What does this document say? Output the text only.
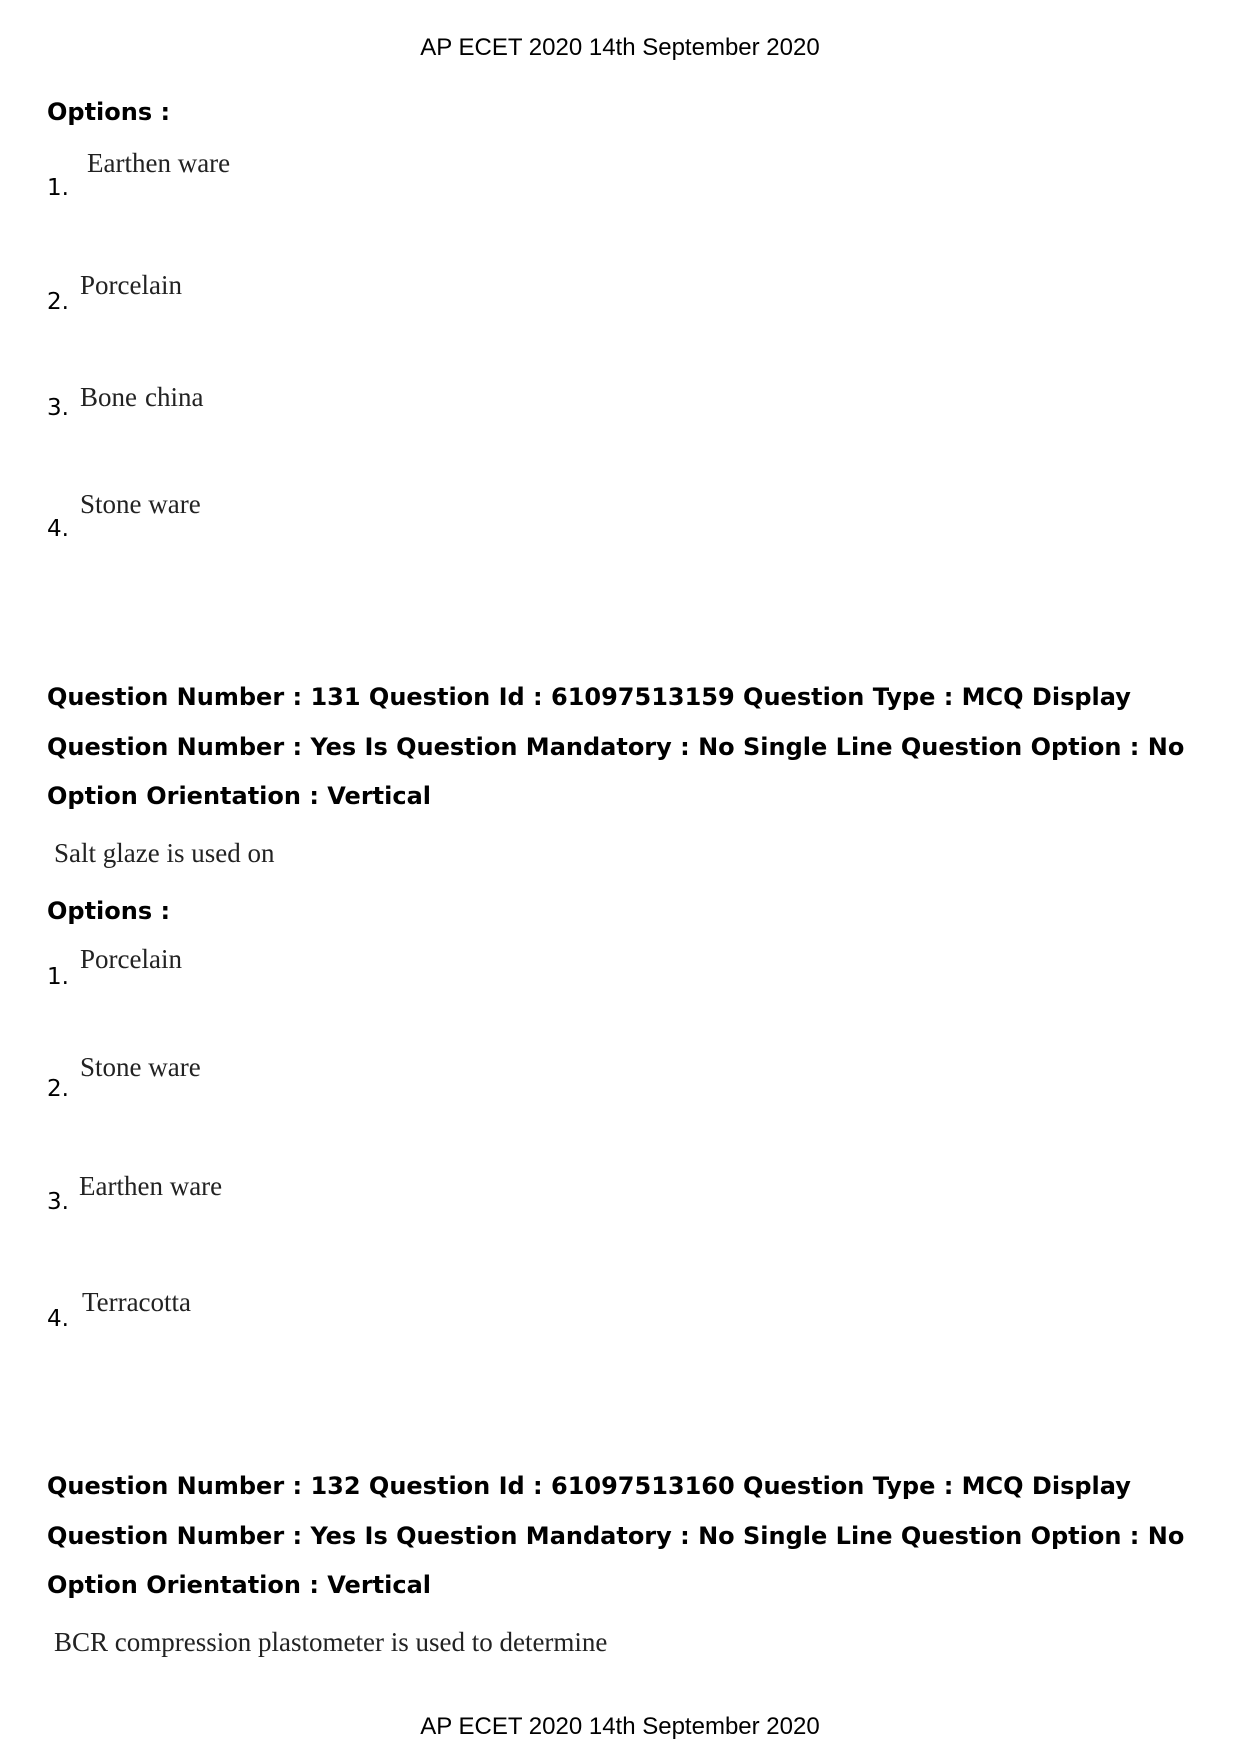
AP ECET 2020 14th September 2020
Options :
1.
Earthen ware
2.
Porcelain
3. Bone china
4.
Stone ware
Question Number : 131 Question Id : 61097513159 Question Type : MCQ Display Question Number : Yes Is Question Mandatory : No Single Line Question Option : No Option Orientation : Vertical
Salt glaze is used on
Options :
1.
Porcelain
2.
Stone ware
3.
Earthen ware
4.
Terracotta
Question Number : 132 Question Id : 61097513160 Question Type : MCQ Display Question Number : Yes Is Question Mandatory : No Single Line Question Option : No Option Orientation : Vertical
BCR compression plastometer is used to determine
AP ECET 2020 14th September 2020
